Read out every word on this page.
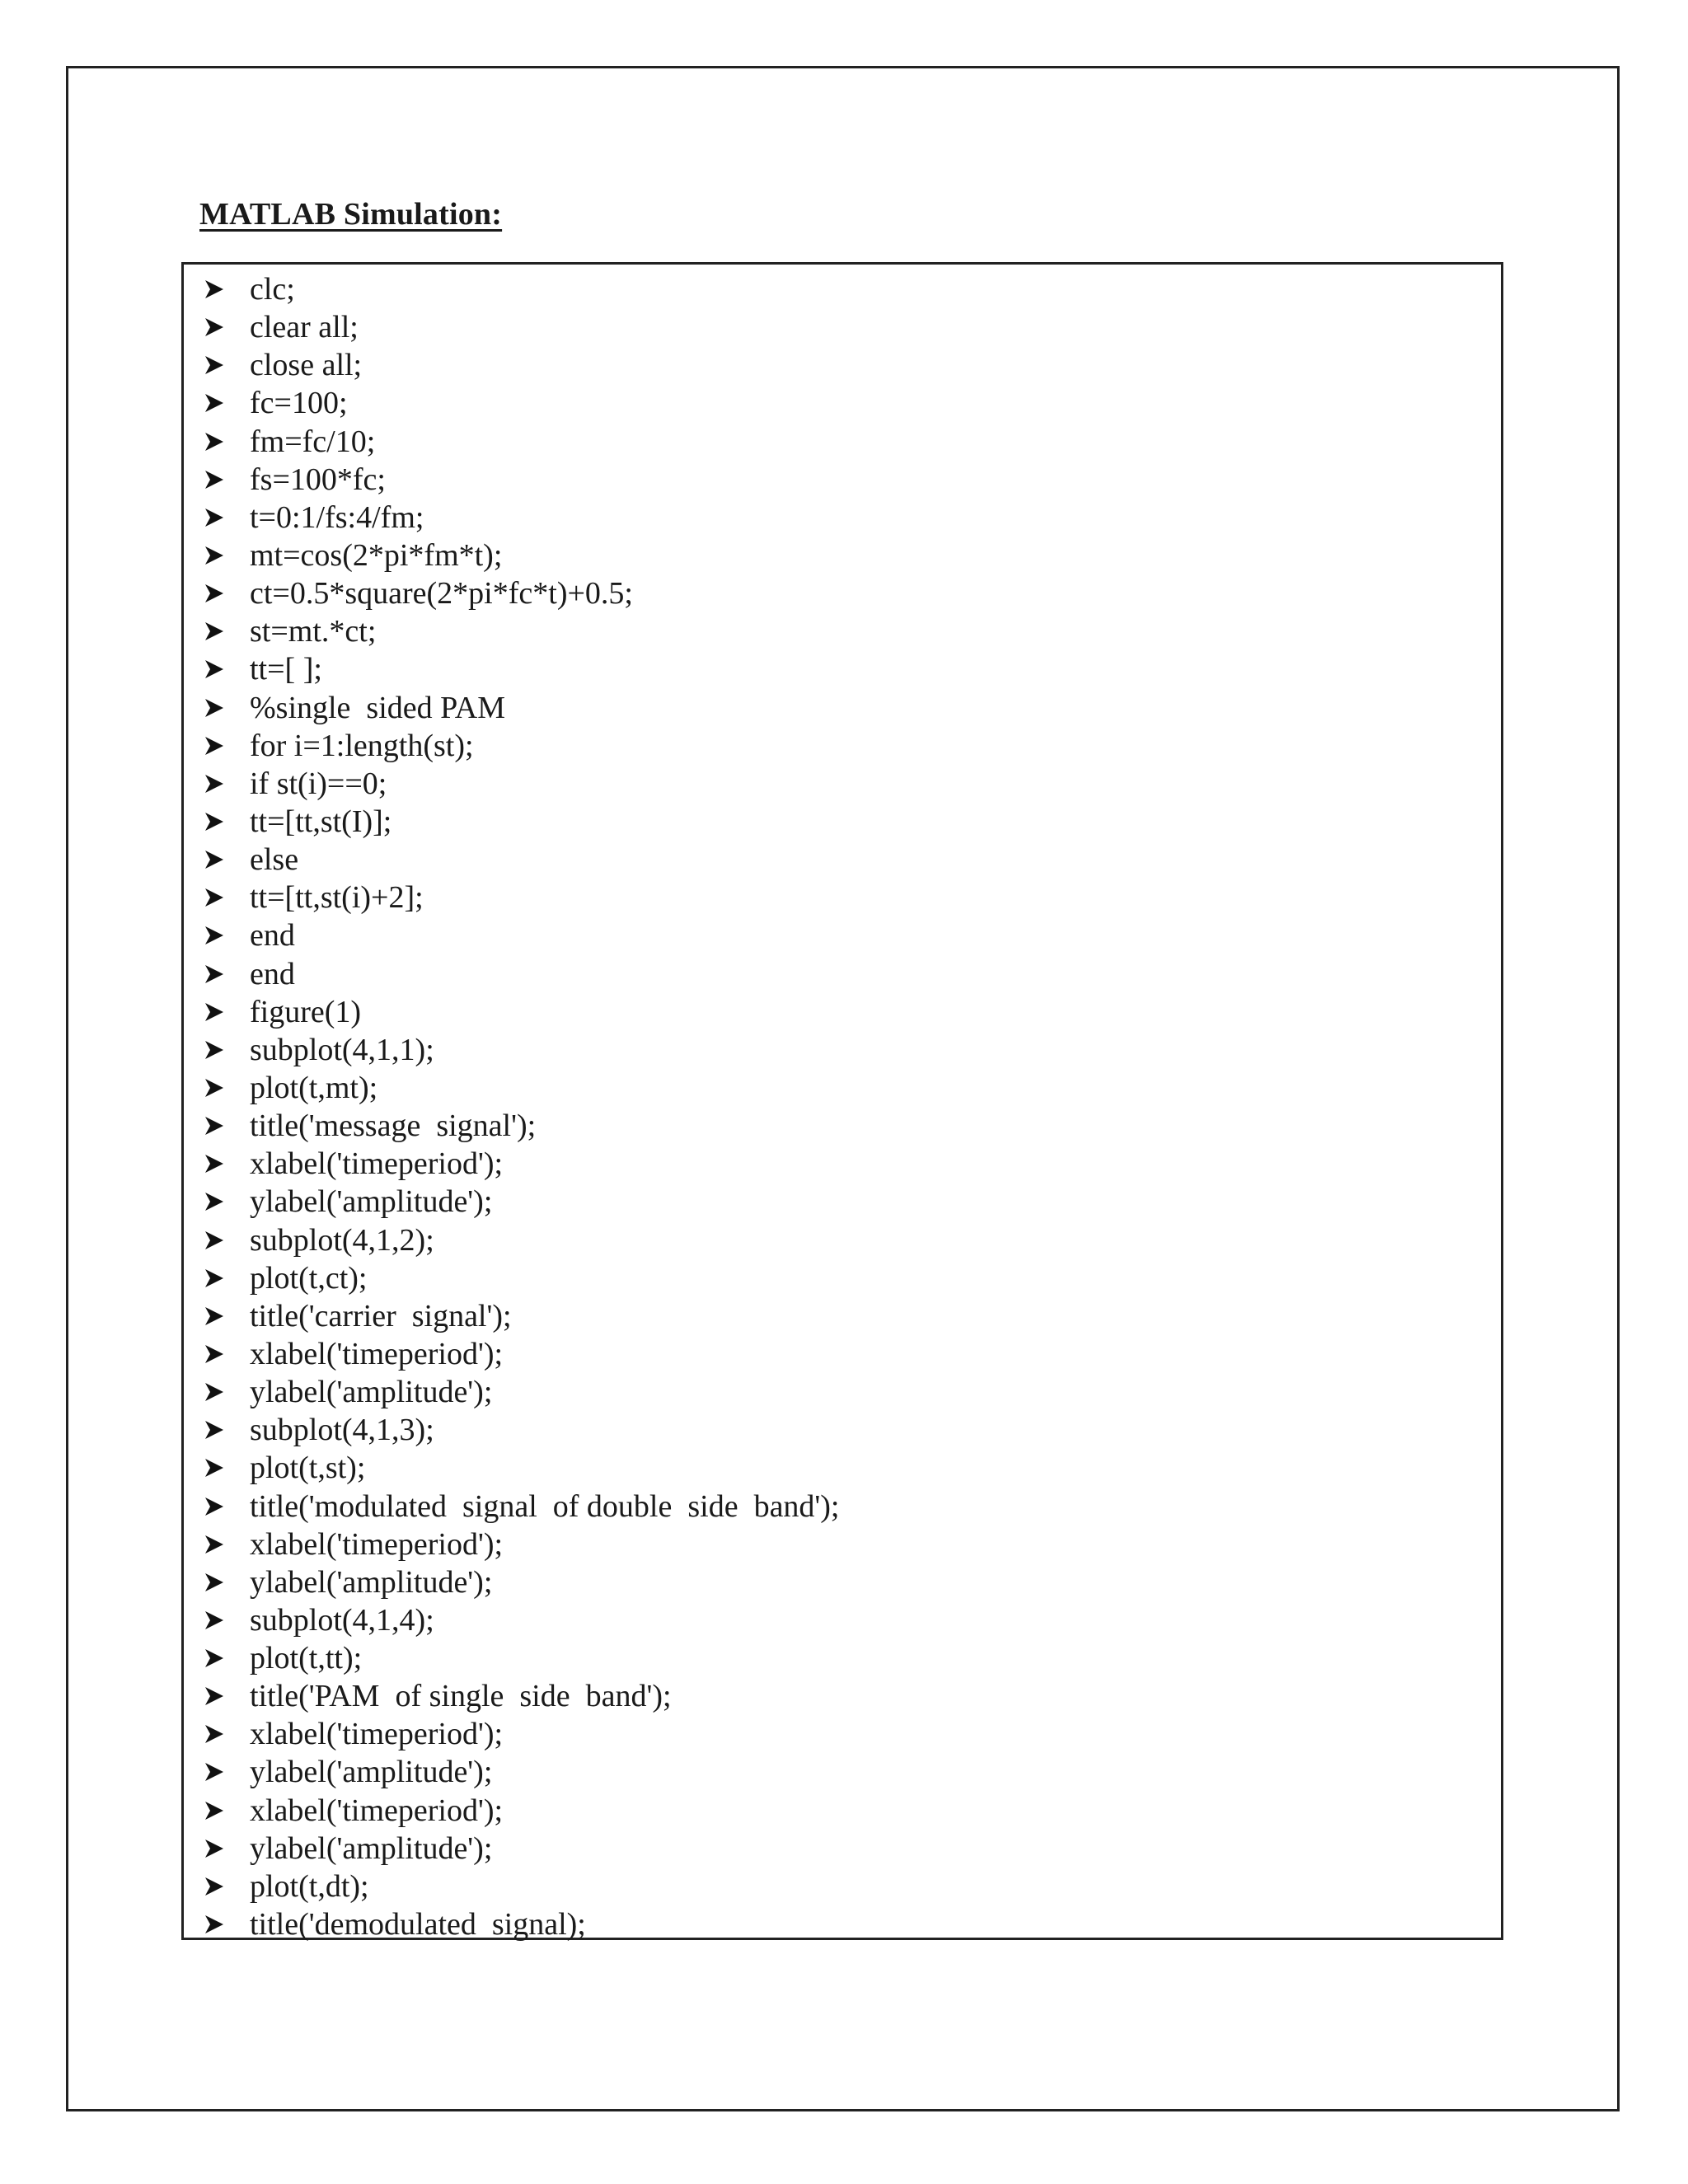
MATLAB Simulation:
clc;
clear all;
close all;
fc=100;
fm=fc/10;
fs=100*fc;
t=0:1/fs:4/fm;
mt=cos(2*pi*fm*t);
ct=0.5*square(2*pi*fc*t)+0.5;
st=mt.*ct;
tt=[ ];
%single  sided PAM
for i=1:length(st);
if st(i)==0;
tt=[tt,st(I)];
else
tt=[tt,st(i)+2];
end
end
figure(1)
subplot(4,1,1);
plot(t,mt);
title('message  signal');
xlabel('timeperiod');
ylabel('amplitude');
subplot(4,1,2);
plot(t,ct);
title('carrier  signal');
xlabel('timeperiod');
ylabel('amplitude');
subplot(4,1,3);
plot(t,st);
title('modulated  signal  of double  side  band');
xlabel('timeperiod');
ylabel('amplitude');
subplot(4,1,4);
plot(t,tt);
title('PAM  of single  side  band');
xlabel('timeperiod');
ylabel('amplitude');
xlabel('timeperiod');
ylabel('amplitude');
plot(t,dt);
title('demodulated  signal);
